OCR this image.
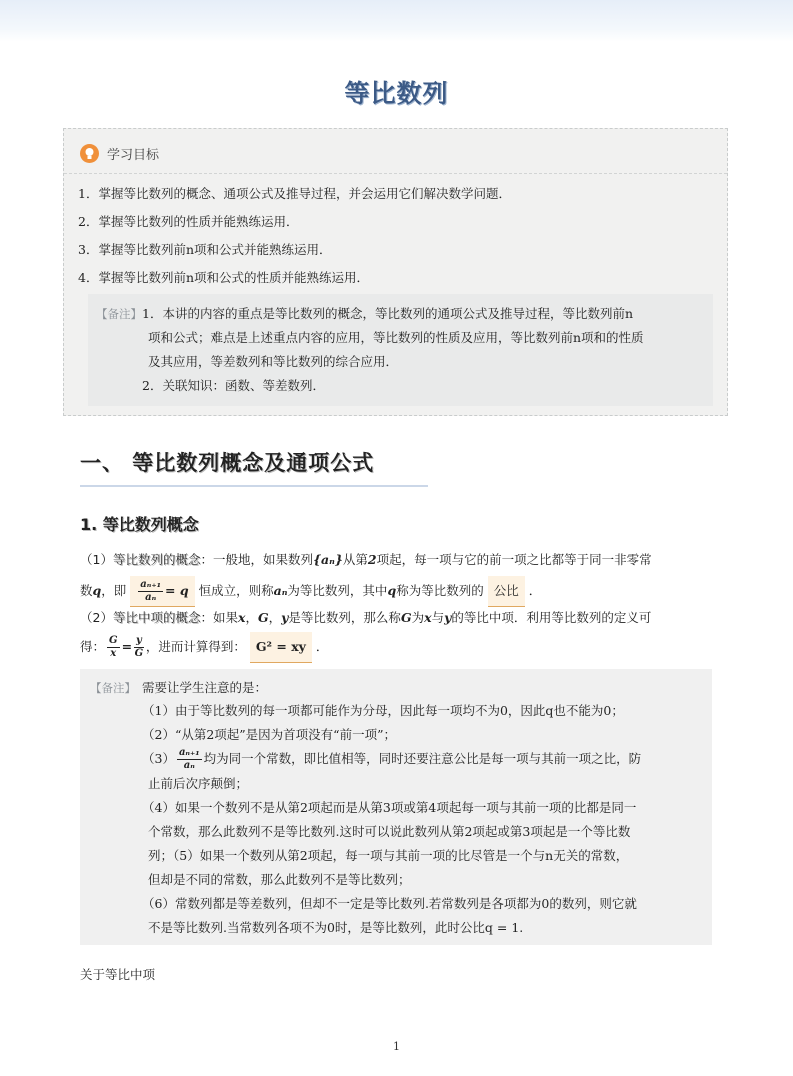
等比数列
学习目标
1．掌握等比数列的概念、通项公式及推导过程，并会运用它们解决数学问题．
2．掌握等比数列的性质并能熟练运用．
3．掌握等比数列前n项和公式并能熟练运用．
4．掌握等比数列前n项和公式的性质并能熟练运用．
【备注】 1．本讲的内容的重点是等比数列的概念，等比数列的通项公式及推导过程，等比数列前n
项和公式；难点是上述重点内容的应用，等比数列的性质及应用，等比数列前n项和的性质
及其应用，等差数列和等比数列的综合应用．
2．关联知识：函数、等差数列．
一、 等比数列概念及通项公式
1. 等比数列概念
（1）等比数列的概念：一般地，如果数列{aₙ}从第2项起，每一项与它的前一项之比都等于同一非零常
数q，即 $\frac{\text{aₙ₊₁}}{\text{aₙ}} = q$ 恒成立，则称aₙ为等比数列，其中q称为等比数列的 公比 ．
（2）等比中项的概念：如果x，G，y是等比数列，那么称G为x与y的等比中项．利用等比数列的定义可
得： $\frac{G}{x} = \frac{y}{G}$ ，进而计算得到： G² = xy ．
【备注】 需要让学生注意的是：
（1）由于等比数列的每一项都可能作为分母，因此每一项均不为0，因此q也不能为0；
（2）“从第2项起”是因为首项没有“前一项”；
$(3) \frac{\text{aₙ₊₁}}{\text{aₙ}}$ 均为同一个常数，即比值相等，同时还要注意公比是每一项与其前一项之比，防
止前后次序颠倒；
（4）如果一个数列不是从第2项起而是从第3项或第4项起每一项与其前一项的比都是同一
个常数，那么此数列不是等比数列.这时可以说此数列从第2项起或第3项起是一个等比数
列；（5）如果一个数列从第2项起，每一项与其前一项的比尽管是一个与n无关的常数，
但却是不同的常数，那么此数列不是等比数列；
（6）常数列都是等差数列，但却不一定是等比数列.若常数列是各项都为0的数列，则它就
不是等比数列.当常数列各项不为0时，是等比数列，此时公比q = 1.
关于等比中项
1
